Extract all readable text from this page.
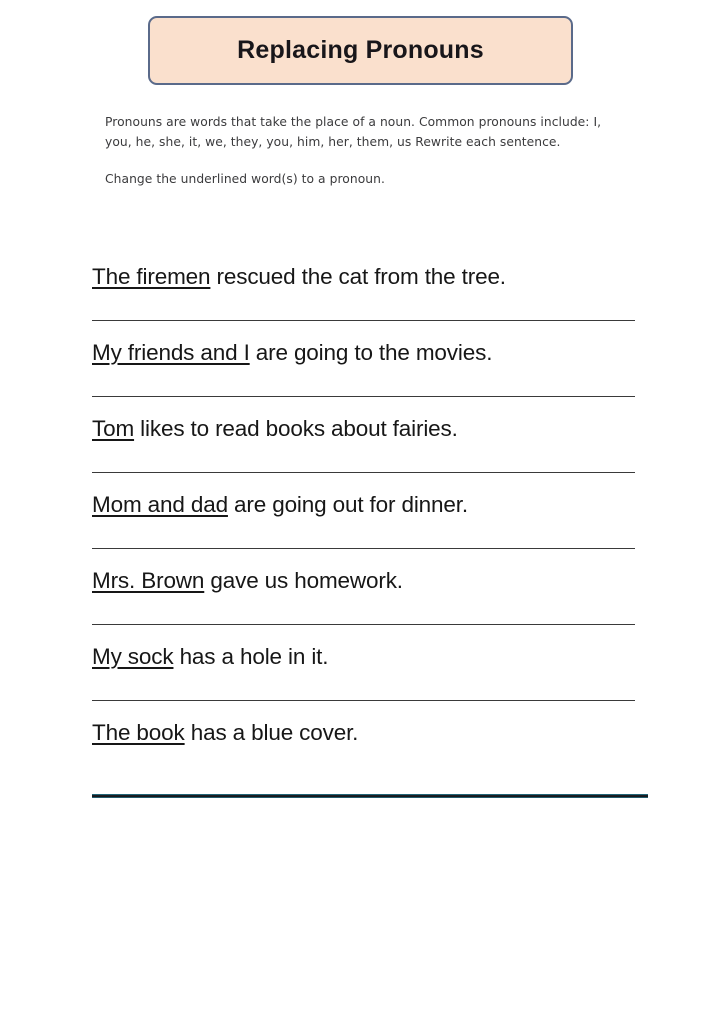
Replacing Pronouns

Pronouns are words that take the place of a noun. Common pronouns include: I, you, he, she, it, we, they, you, him, her, them, us Rewrite each sentence.

Change the underlined word(s) to a pronoun.

The firemen rescued the cat from the tree.
My friends and I are going to the movies.
Tom likes to read books about fairies.
Mom and dad are going out for dinner.
Mrs. Brown gave us homework.
My sock has a hole in it.
The book has a blue cover.
